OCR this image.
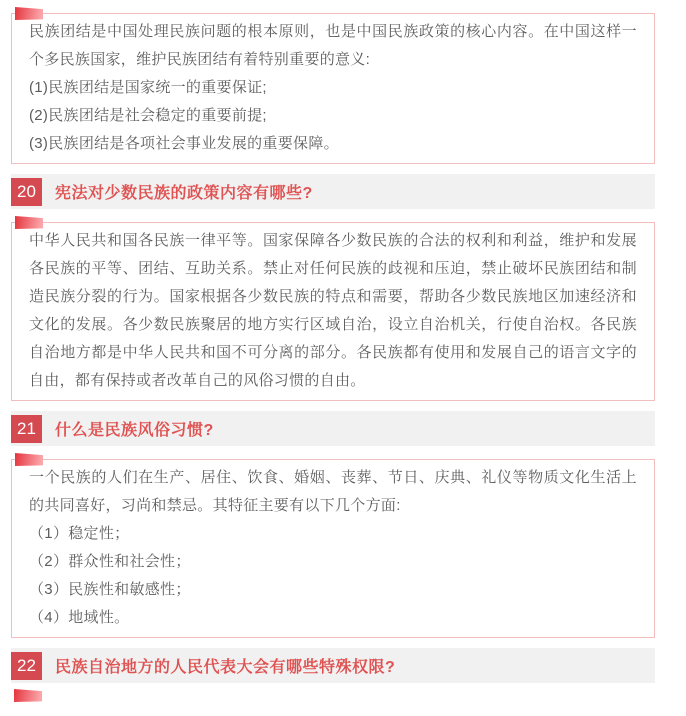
民族团结是中国处理民族问题的根本原则，也是中国民族政策的核心内容。在中国这样一个多民族国家，维护民族团结有着特别重要的意义:

(1)民族团结是国家统一的重要保证;

(2)民族团结是社会稳定的重要前提;

(3)民族团结是各项社会事业发展的重要保障。

20	宪法对少数民族的政策内容有哪些?

中华人民共和国各民族一律平等。国家保障各少数民族的合法的权利和利益，维护和发展各民族的平等、团结、互助关系。禁止对任何民族的歧视和压迫，禁止破坏民族团结和制造民族分裂的行为。国家根据各少数民族的特点和需要，帮助各少数民族地区加速经济和文化的发展。各少数民族聚居的地方实行区域自治，设立自治机关，行使自治权。各民族自治地方都是中华人民共和国不可分离的部分。各民族都有使用和发展自己的语言文字的自由，都有保持或者改革自己的风俗习惯的自由。

21	什么是民族风俗习惯?

一个民族的人们在生产、居住、饮食、婚姻、丧葬、节日、庆典、礼仪等物质文化生活上的共同喜好，习尚和禁忌。其特征主要有以下几个方面:

（1）稳定性；

（2）群众性和社会性；

（3）民族性和敏感性；

（4）地域性。

22	民族自治地方的人民代表大会有哪些特殊权限?
